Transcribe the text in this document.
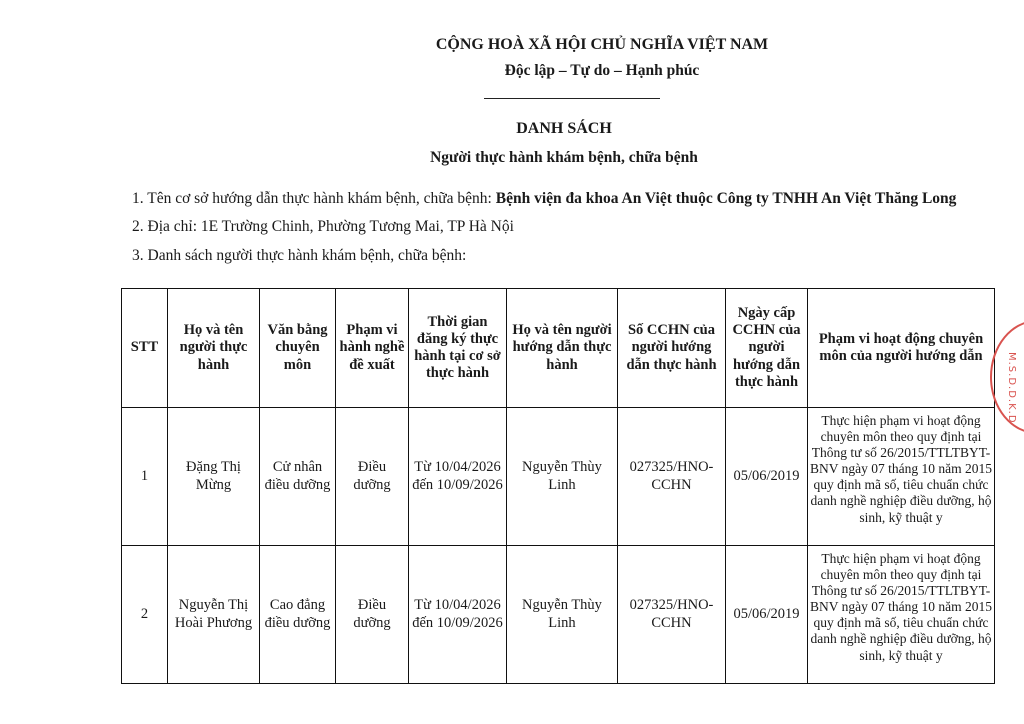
CỘNG HOÀ XÃ HỘI CHỦ NGHĨA VIỆT NAM
Độc lập – Tự do – Hạnh phúc
DANH SÁCH
Người thực hành khám bệnh, chữa bệnh
1. Tên cơ sở hướng dẫn thực hành khám bệnh, chữa bệnh: Bệnh viện đa khoa An Việt thuộc Công ty TNHH An Việt Thăng Long
2. Địa chỉ: 1E Trường Chinh, Phường Tương Mai, TP Hà Nội
3. Danh sách người thực hành khám bệnh, chữa bệnh:
STT	Họ và tên người thực hành	Văn bằng chuyên môn	Phạm vi hành nghề đề xuất	Thời gian đăng ký thực hành tại cơ sở thực hành	Họ và tên người hướng dẫn thực hành	Số CCHN của người hướng dẫn thực hành	Ngày cấp CCHN của người hướng dẫn thực hành	Phạm vi hoạt động chuyên môn của người hướng dẫn
1	Đặng Thị Mừng	Cử nhân điều dưỡng	Điều dưỡng	Từ 10/04/2026 đến 10/09/2026	Nguyễn Thùy Linh	027325/HNO-CCHN	05/06/2019	Thực hiện phạm vi hoạt động chuyên môn theo quy định tại Thông tư số 26/2015/TTLTBYT-BNV ngày 07 tháng 10 năm 2015 quy định mã số, tiêu chuẩn chức danh nghề nghiệp điều dưỡng, hộ sinh, kỹ thuật y

2	Nguyễn Thị Hoài Phương	Cao đẳng điều dưỡng	Điều dưỡng	Từ 10/04/2026 đến 10/09/2026	Nguyễn Thùy Linh	027325/HNO-CCHN	05/06/2019	Thực hiện phạm vi hoạt động chuyên môn theo quy định tại Thông tư số 26/2015/TTLTBYT-BNV ngày 07 tháng 10 năm 2015 quy định mã số, tiêu chuẩn chức danh nghề nghiệp điều dưỡng, hộ sinh, kỹ thuật y
M.S.D.D.K.D
